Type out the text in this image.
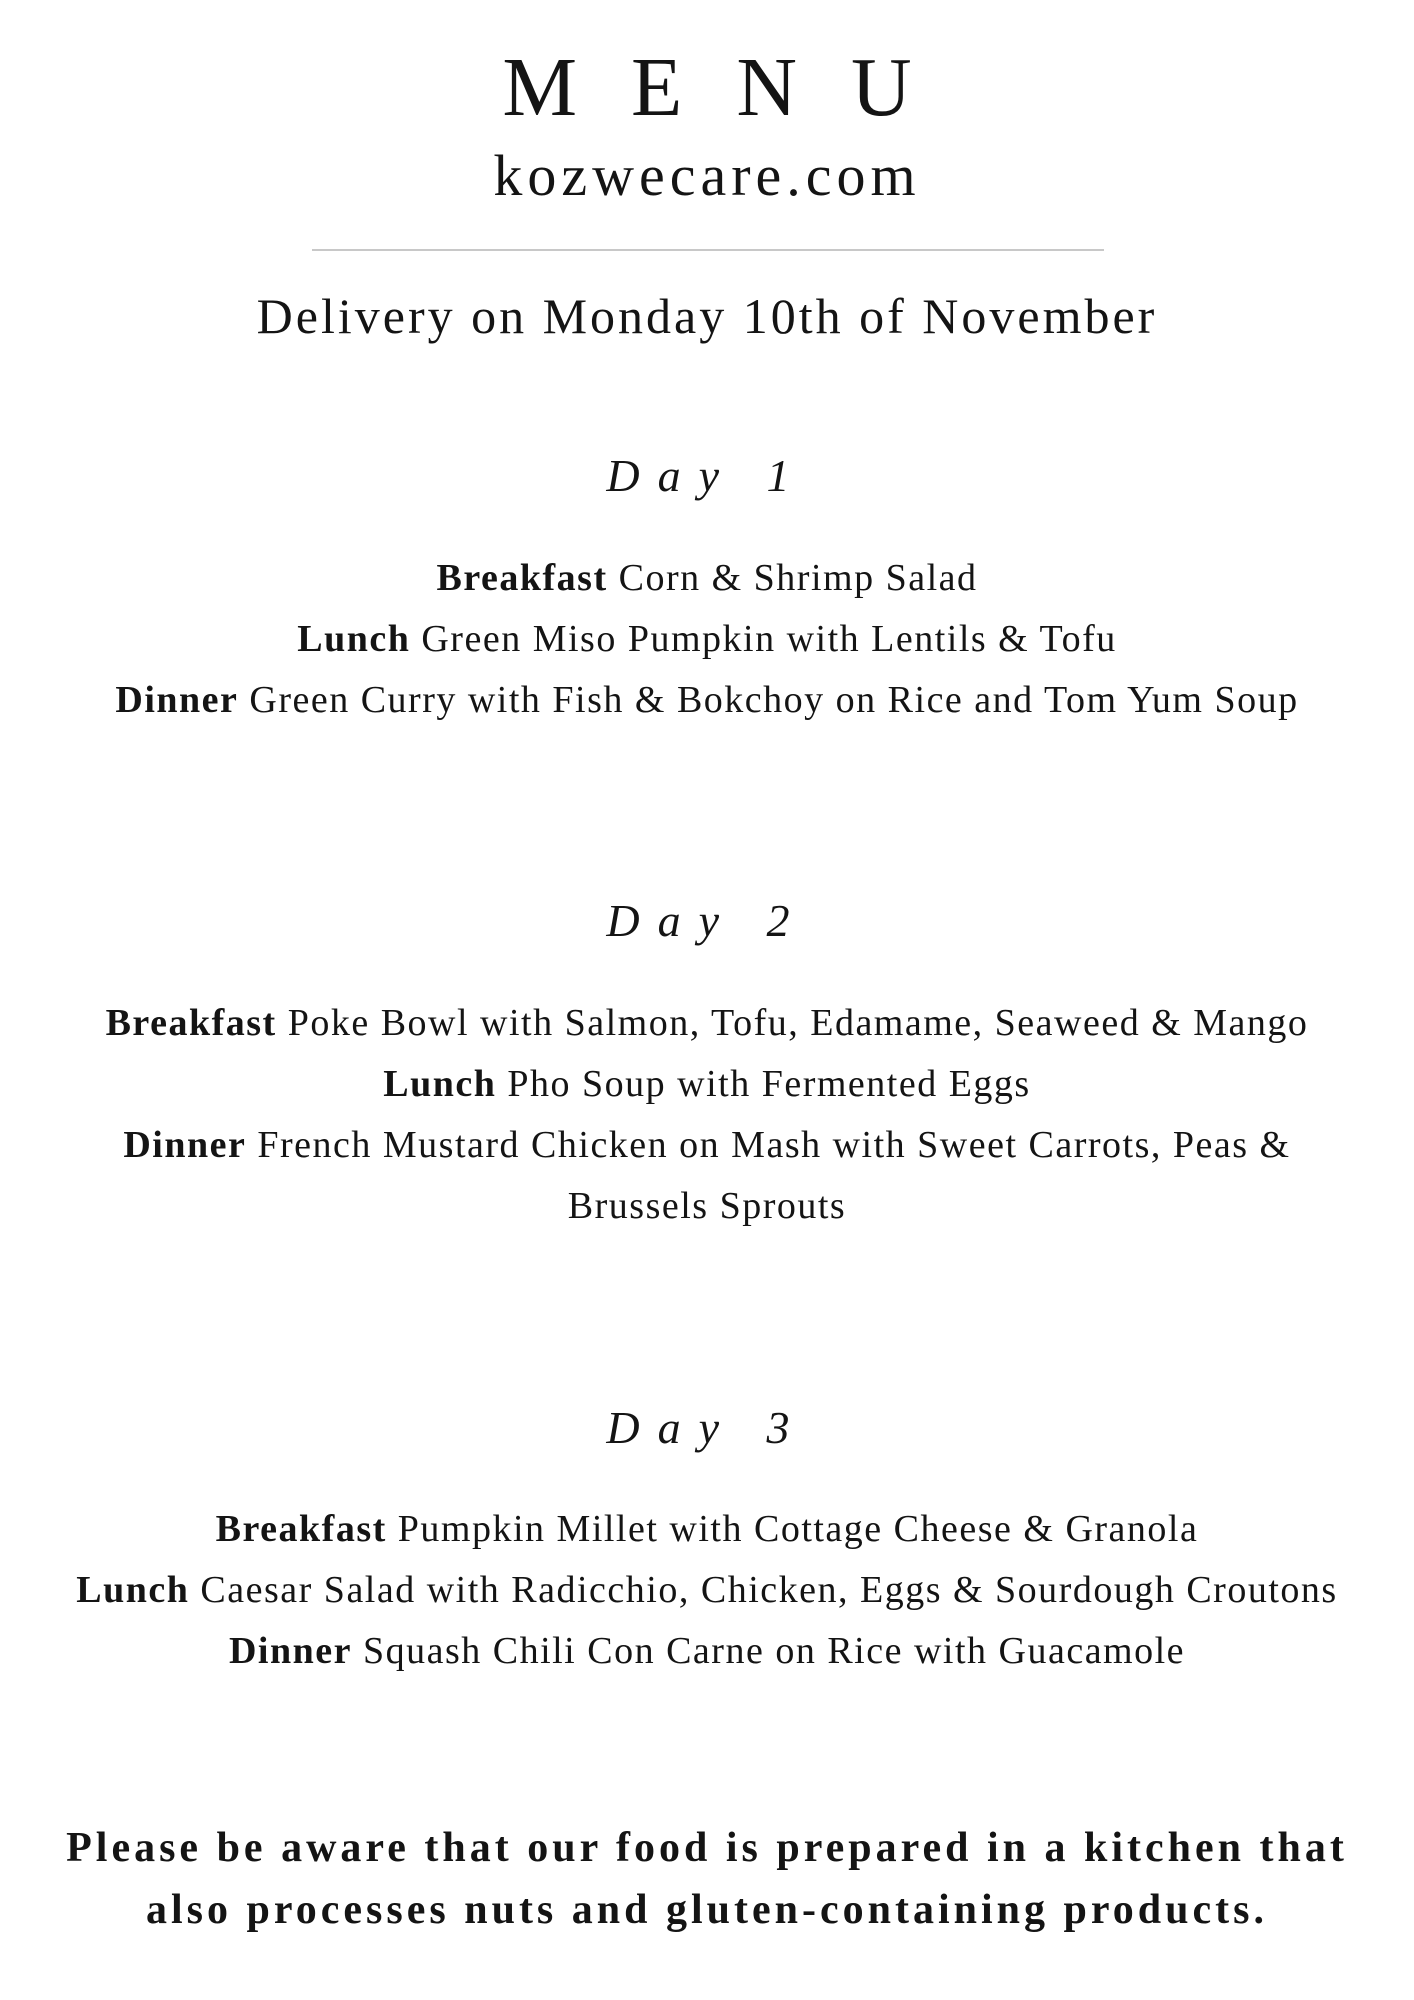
MENU
kozwecare.com
Delivery on Monday 10th of November
Day 1
Breakfast Corn & Shrimp Salad
Lunch Green Miso Pumpkin with Lentils & Tofu
Dinner Green Curry with Fish & Bokchoy on Rice and Tom Yum Soup
Day 2
Breakfast Poke Bowl with Salmon, Tofu, Edamame, Seaweed & Mango
Lunch Pho Soup with Fermented Eggs
Dinner French Mustard Chicken on Mash with Sweet Carrots, Peas & Brussels Sprouts
Day 3
Breakfast Pumpkin Millet with Cottage Cheese & Granola
Lunch Caesar Salad with Radicchio, Chicken, Eggs & Sourdough Croutons
Dinner Squash Chili Con Carne on Rice with Guacamole
Please be aware that our food is prepared in a kitchen that also processes nuts and gluten-containing products.
